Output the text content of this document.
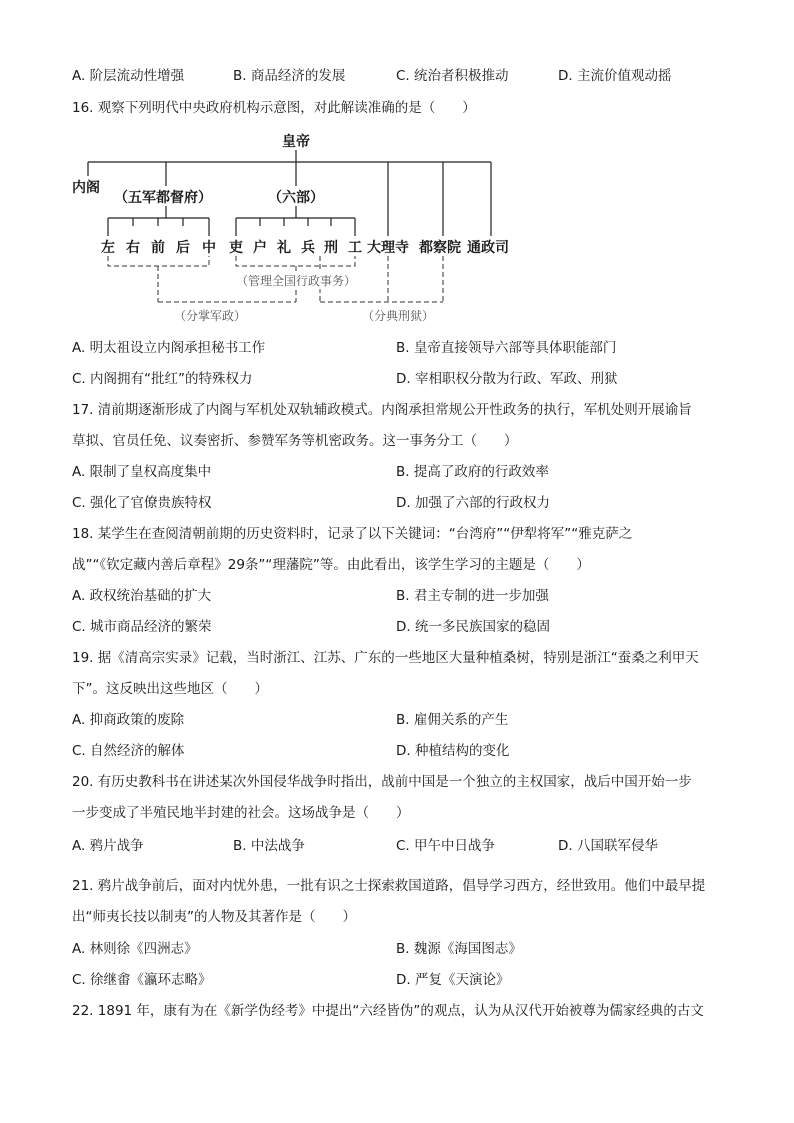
A. 阶层流动性增强	B. 商品经济的发展	C. 统治者积极推动	D. 主流价值观动摇
16. 观察下列明代中央政府机构示意图，对此解读准确的是（　　）
皇帝
内阁
（五军都督府）	（六部）
左 右 前 后 中 吏 户 礼 兵 刑 工 大理寺 都察院 通政司
（管理全国行政事务）
（分掌军政）	（分典刑狱）
A. 明太祖设立内阁承担秘书工作	B. 皇帝直接领导六部等具体职能部门
C. 内阁拥有“批红”的特殊权力	D. 宰相职权分散为行政、军政、刑狱
17. 清前期逐渐形成了内阁与军机处双轨辅政模式。内阁承担常规公开性政务的执行，军机处则开展谕旨
草拟、官员任免、议奏密折、参赞军务等机密政务。这一事务分工（　　）
A. 限制了皇权高度集中	B. 提高了政府的行政效率
C. 强化了官僚贵族特权	D. 加强了六部的行政权力
18. 某学生在查阅清朝前期的历史资料时，记录了以下关键词：“台湾府”“伊犁将军”“雅克萨之
战”“《钦定藏内善后章程》29条”“理藩院”等。由此看出，该学生学习的主题是（　　）
A. 政权统治基础的扩大	B. 君主专制的进一步加强
C. 城市商品经济的繁荣	D. 统一多民族国家的稳固
19. 据《清高宗实录》记载，当时浙江、江苏、广东的一些地区大量种植桑树，特别是浙江“蚕桑之利甲天
下”。这反映出这些地区（　　）
A. 抑商政策的废除	B. 雇佣关系的产生
C. 自然经济的解体	D. 种植结构的变化
20. 有历史教科书在讲述某次外国侵华战争时指出，战前中国是一个独立的主权国家，战后中国开始一步
一步变成了半殖民地半封建的社会。这场战争是（　　）
A. 鸦片战争	B. 中法战争	C. 甲午中日战争	D. 八国联军侵华
21. 鸦片战争前后，面对内忧外患，一批有识之士探索救国道路，倡导学习西方，经世致用。他们中最早提
出“师夷长技以制夷”的人物及其著作是（　　）
A. 林则徐《四洲志》	B. 魏源《海国图志》
C. 徐继畬《瀛环志略》	D. 严复《天演论》
22. 1891 年，康有为在《新学伪经考》中提出“六经皆伪”的观点，认为从汉代开始被尊为儒家经典的古文
